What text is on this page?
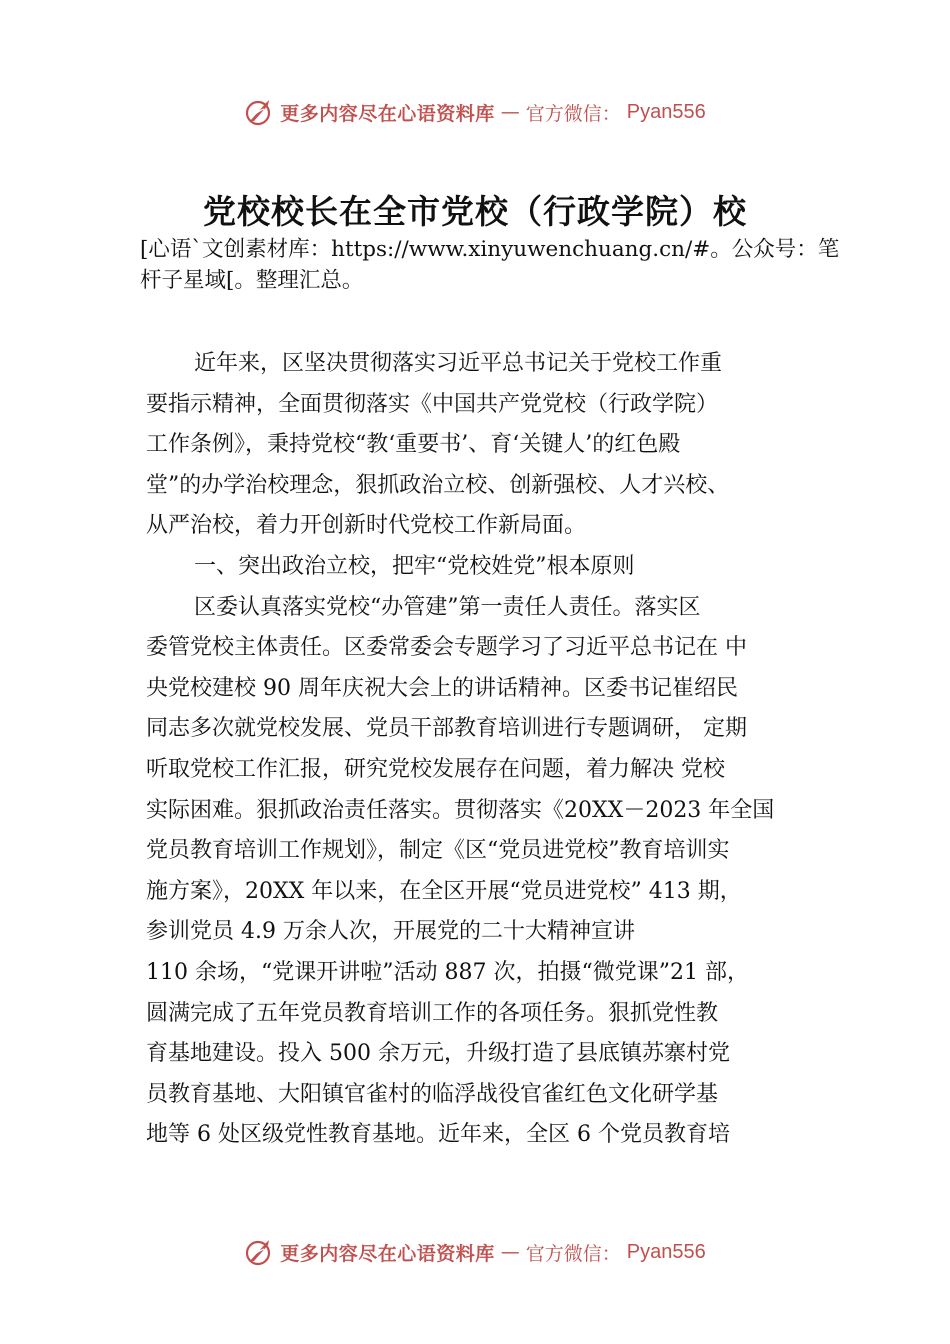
更多内容尽在心语资料库 — 官方微信： Pyan556
党校校长在全市党校（行政学院）校
[心语`文创素材库：https://www.xinyuwenchuang.cn/#。公众号：笔杆子星域[。整理汇总。
近年来，区坚决贯彻落实习近平总书记关于党校工作重
要指示精神，全面贯彻落实《中国共产党党校（行政学院）
工作条例》，秉持党校“教‘重要书’、育‘关键人’的红色殿
堂”的办学治校理念，狠抓政治立校、创新强校、人才兴校、
从严治校，着力开创新时代党校工作新局面。
一、突出政治立校，把牢“党校姓党”根本原则
区委认真落实党校“办管建”第一责任人责任。落实区
委管党校主体责任。区委常委会专题学习了习近平总书记在 中
央党校建校 90 周年庆祝大会上的讲话精神。区委书记崔绍民
同志多次就党校发展、党员干部教育培训进行专题调研， 定期
听取党校工作汇报，研究党校发展存在问题，着力解决 党校
实际困难。狠抓政治责任落实。贯彻落实《20XX－2023 年全国
党员教育培训工作规划》，制定《区“党员进党校”教育培训实
施方案》，20XX 年以来，在全区开展“党员进党校” 413 期，
参训党员 4.9 万余人次，开展党的二十大精神宣讲
110 余场，“党课开讲啦”活动 887 次，拍摄“微党课”21 部，
圆满完成了五年党员教育培训工作的各项任务。狠抓党性教
育基地建设。投入 500 余万元，升级打造了县底镇苏寨村党
员教育基地、大阳镇官雀村的临浮战役官雀红色文化研学基
地等 6 处区级党性教育基地。近年来，全区 6 个党员教育培
更多内容尽在心语资料库 — 官方微信： Pyan556
